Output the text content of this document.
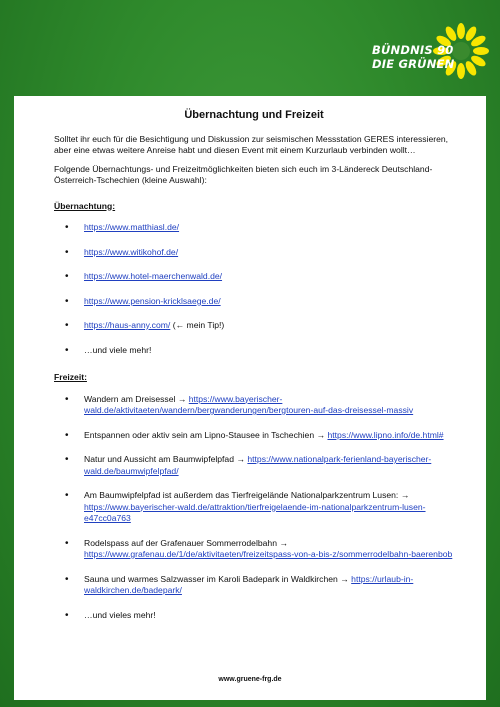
BÜNDNIS 90
DIE GRÜNEN
Übernachtung und Freizeit

Solltet ihr euch für die Besichtigung und Diskussion zur seismischen Messstation GERES interessieren, aber eine etwas weitere Anreise habt und diesen Event mit einem Kurzurlaub verbinden wollt…

Folgende Übernachtungs- und Freizeitmöglichkeiten bieten sich euch im 3-Ländereck Deutschland-Österreich-Tschechien (kleine Auswahl):

Übernachtung:
• https://www.matthiasl.de/
• https://www.witikohof.de/
• https://www.hotel-maerchenwald.de/
• https://www.pension-kricklsaege.de/
• https://haus-anny.com/ (← mein Tip!)
• …und viele mehr!
Freizeit:
• Wandern am Dreisessel → https://www.bayerischer-wald.de/aktivitaeten/wandern/bergwanderungen/bergtouren-auf-das-dreisessel-massiv
• Entspannen oder aktiv sein am Lipno-Stausee in Tschechien → https://www.lipno.info/de.html#
• Natur und Aussicht am Baumwipfelpfad → https://www.nationalpark-ferienland-bayerischer-wald.de/baumwipfelpfad/
• Am Baumwipfelpfad ist außerdem das Tierfreigelände Nationalparkzentrum Lusen: → https://www.bayerischer-wald.de/attraktion/tierfreigelaende-im-nationalparkzentrum-lusen-e47cc0a763
• Rodelspass auf der Grafenauer Sommerrodelbahn → https://www.grafenau.de/1/de/aktivitaeten/freizeitspass-von-a-bis-z/sommerrodelbahn-baerenbob
• Sauna und warmes Salzwasser im Karoli Badepark in Waldkirchen → https://urlaub-in-waldkirchen.de/badepark/
• …und vieles mehr!
www.gruene-frg.de
